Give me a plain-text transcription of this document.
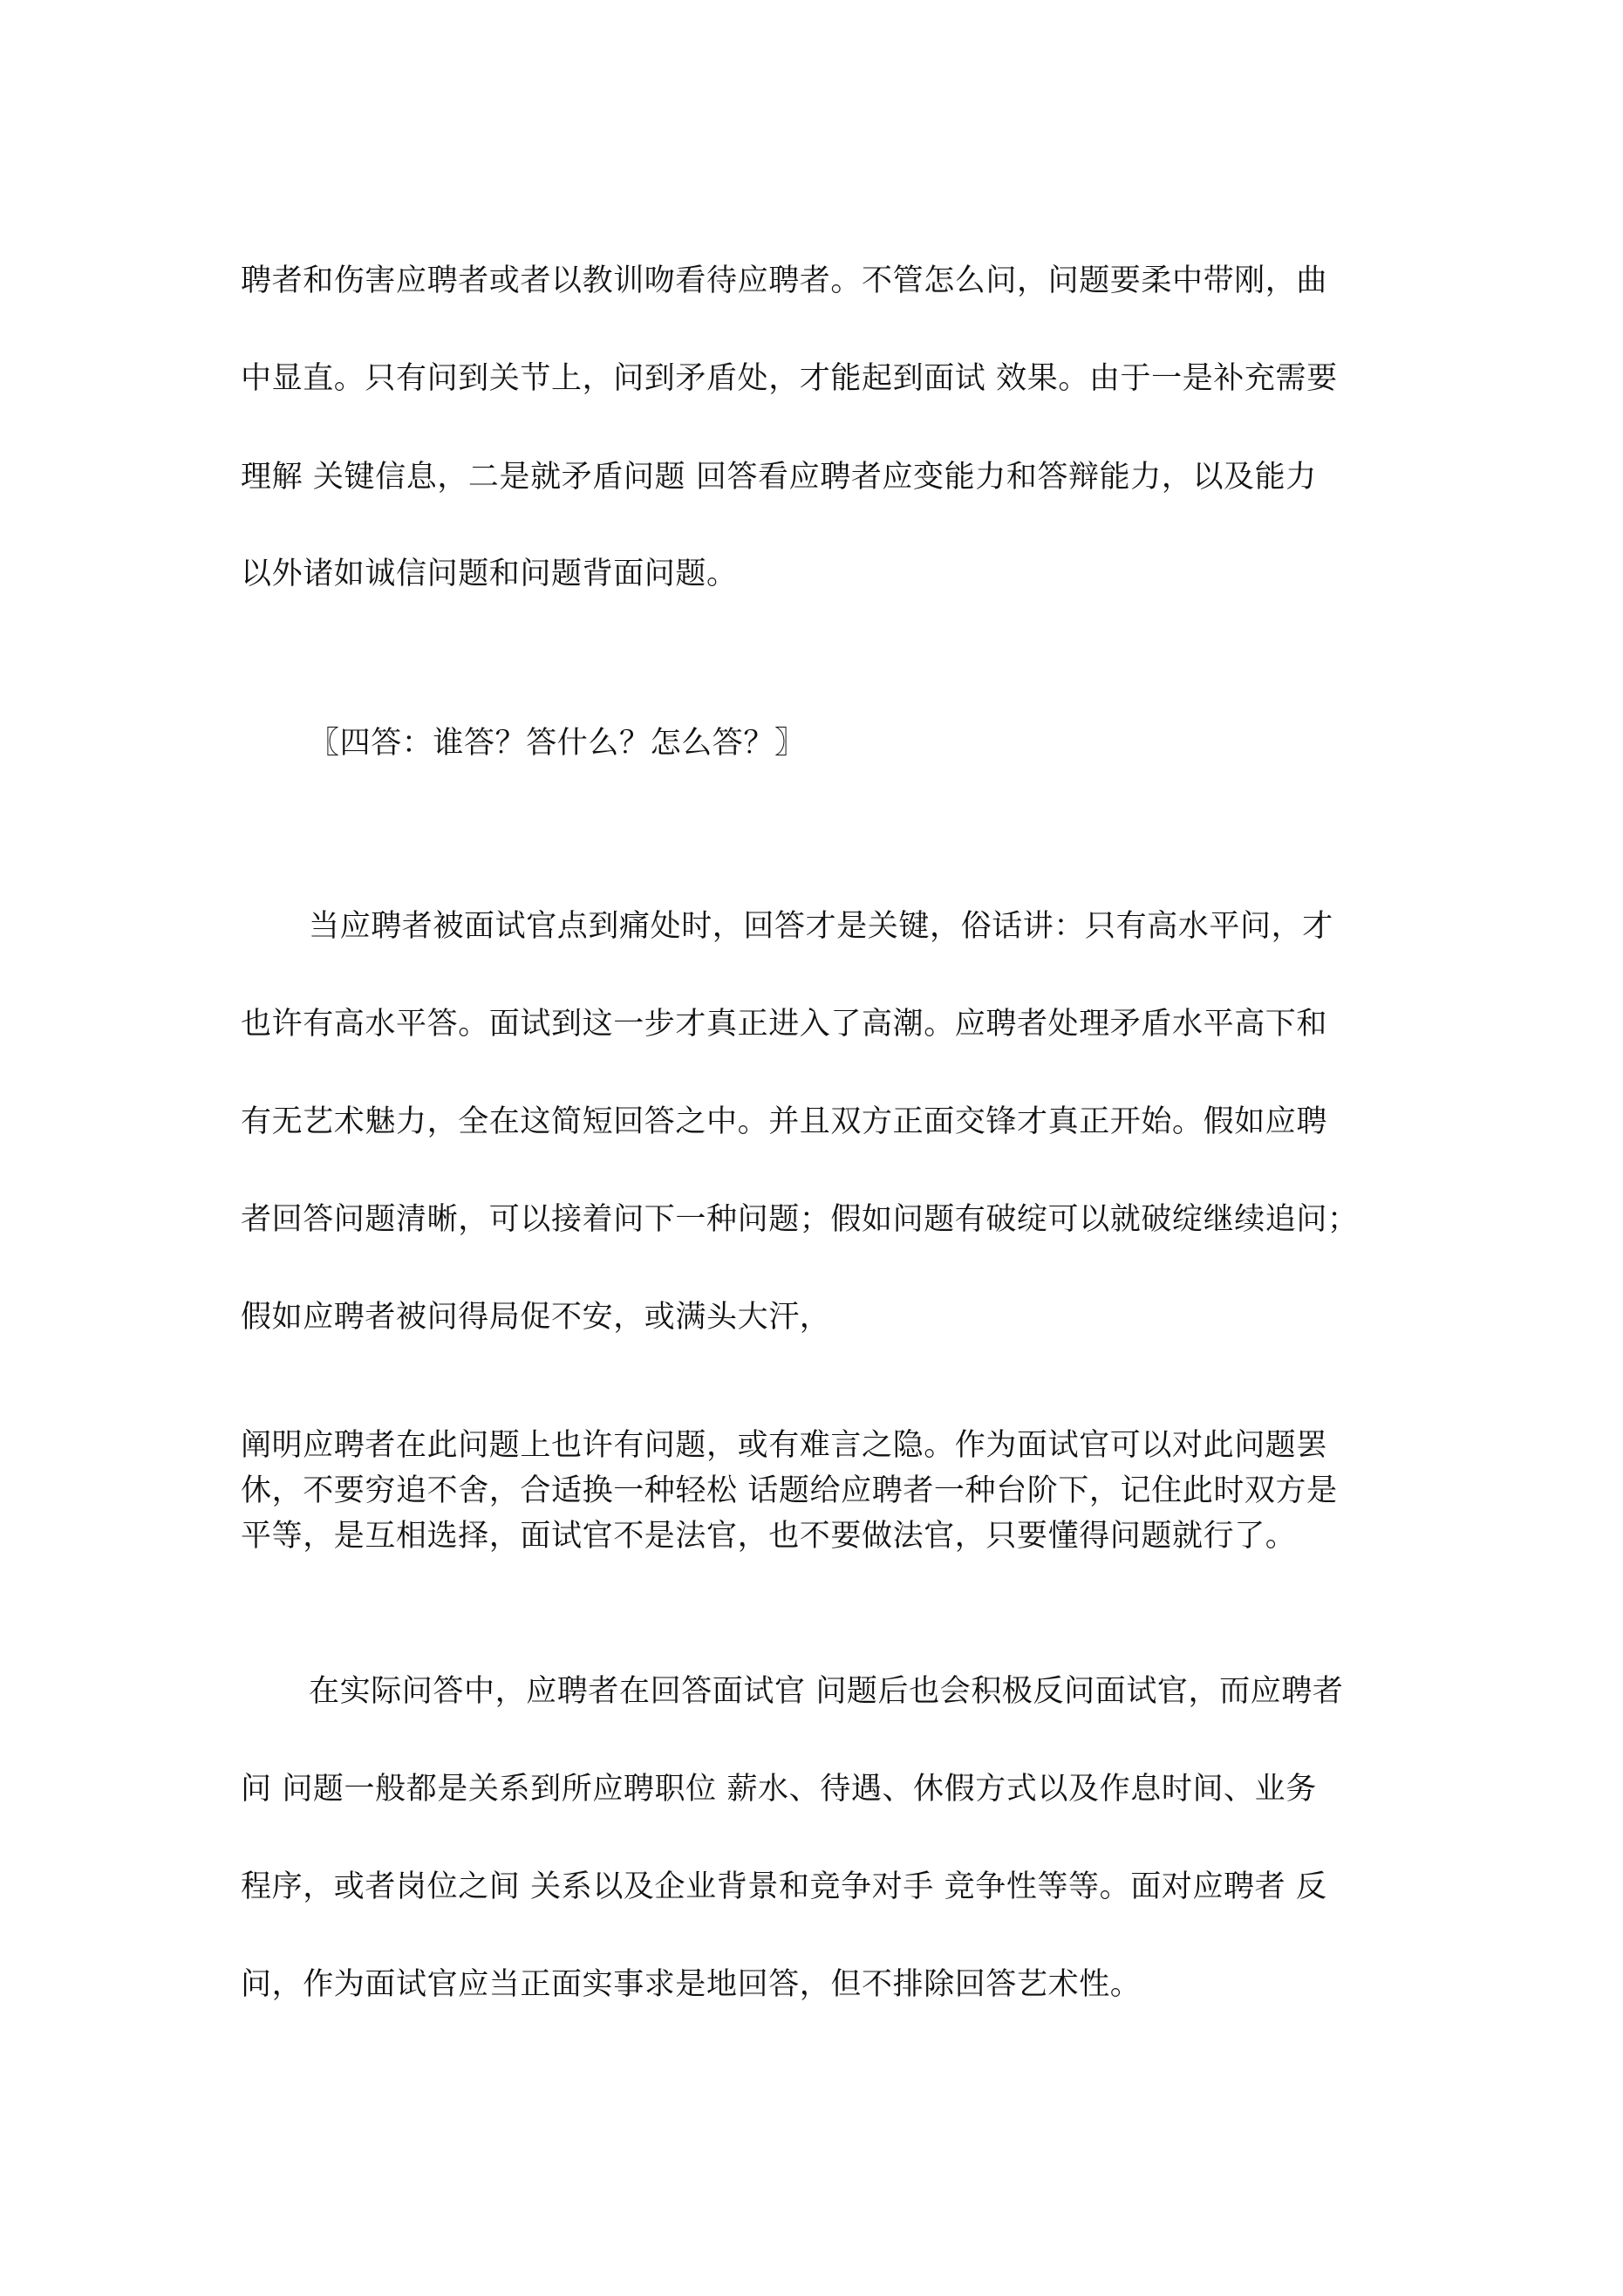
聘者和伤害应聘者或者以教训吻看待应聘者。不管怎么问，问题要柔中带刚，曲

中显直。只有问到关节上，问到矛盾处，才能起到面试 效果。由于一是补充需要

理解 关键信息，二是就矛盾问题 回答看应聘者应变能力和答辩能力，以及能力

以外诸如诚信问题和问题背面问题。

〖四答：谁答？答什么？怎么答？〗

当应聘者被面试官点到痛处时，回答才是关键，俗话讲：只有高水平问，才

也许有高水平答。面试到这一步才真正进入了高潮。应聘者处理矛盾水平高下和

有无艺术魅力，全在这简短回答之中。并且双方正面交锋才真正开始。假如应聘

者回答问题清晰，可以接着问下一种问题；假如问题有破绽可以就破绽继续追问；

假如应聘者被问得局促不安，或满头大汗，

阐明应聘者在此问题上也许有问题，或有难言之隐。作为面试官可以对此问题罢

休，不要穷追不舍，合适换一种轻松 话题给应聘者一种台阶下，记住此时双方是

平等，是互相选择，面试官不是法官，也不要做法官，只要懂得问题就行了。

在实际问答中，应聘者在回答面试官 问题后也会积极反问面试官，而应聘者

问 问题一般都是关系到所应聘职位 薪水、待遇、休假方式以及作息时间、业务

程序，或者岗位之间 关系以及企业背景和竞争对手 竞争性等等。面对应聘者 反

问，作为面试官应当正面实事求是地回答，但不排除回答艺术性。
